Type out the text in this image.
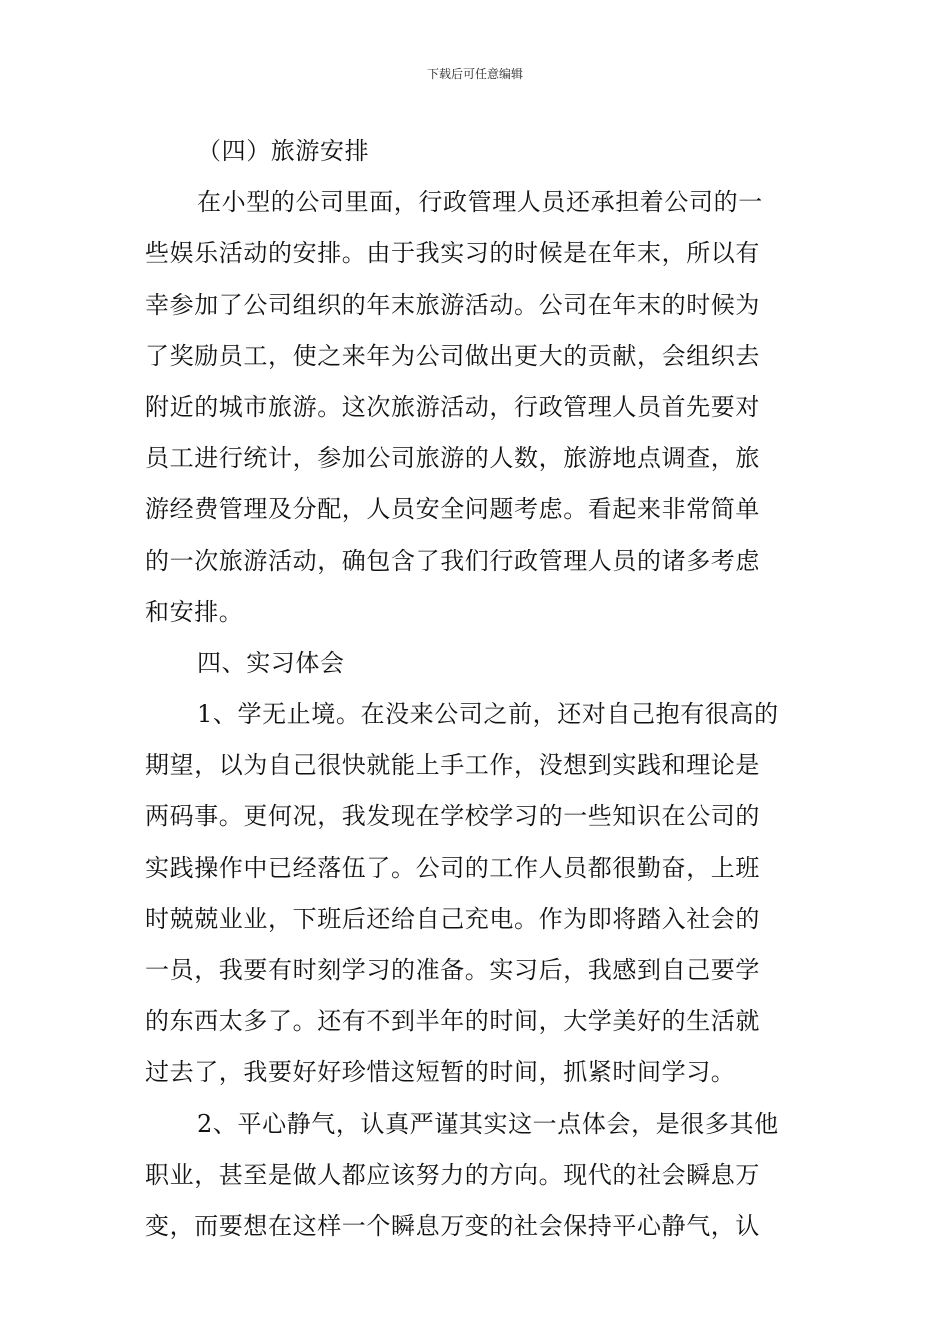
下载后可任意编辑
（四）旅游安排
在小型的公司里面，行政管理人员还承担着公司的一
些娱乐活动的安排。由于我实习的时候是在年末，所以有
幸参加了公司组织的年末旅游活动。公司在年末的时候为
了奖励员工，使之来年为公司做出更大的贡献，会组织去
附近的城市旅游。这次旅游活动，行政管理人员首先要对
员工进行统计，参加公司旅游的人数，旅游地点调查，旅
游经费管理及分配，人员安全问题考虑。看起来非常简单
的一次旅游活动，确包含了我们行政管理人员的诸多考虑
和安排。
四、实习体会
1、学无止境。在没来公司之前，还对自己抱有很高的
期望，以为自己很快就能上手工作，没想到实践和理论是
两码事。更何况，我发现在学校学习的一些知识在公司的
实践操作中已经落伍了。公司的工作人员都很勤奋，上班
时兢兢业业，下班后还给自己充电。作为即将踏入社会的
一员，我要有时刻学习的准备。实习后，我感到自己要学
的东西太多了。还有不到半年的时间，大学美好的生活就
过去了，我要好好珍惜这短暂的时间，抓紧时间学习。
2、平心静气，认真严谨其实这一点体会，是很多其他
职业，甚至是做人都应该努力的方向。现代的社会瞬息万
变，而要想在这样一个瞬息万变的社会保持平心静气，认
